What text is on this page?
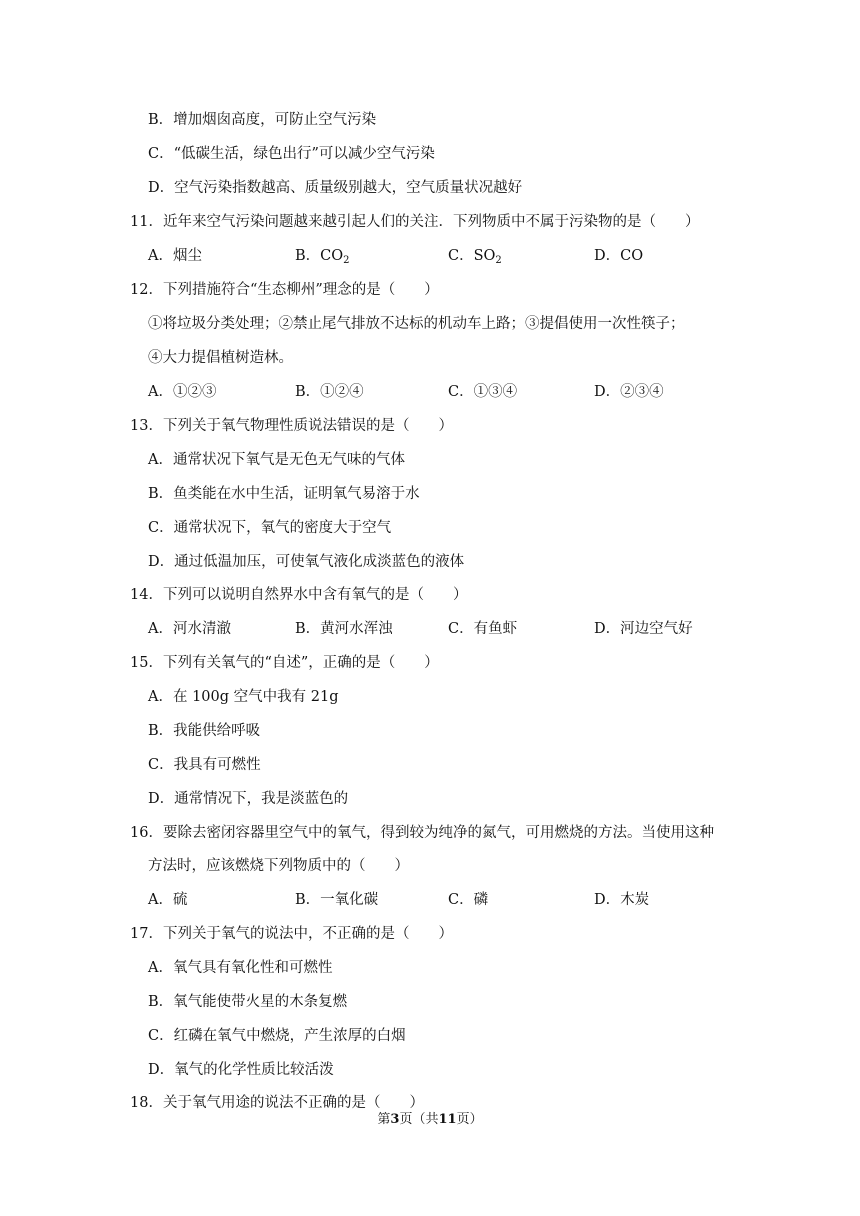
B．增加烟囱高度，可防止空气污染
C．“低碳生活，绿色出行”可以减少空气污染
D．空气污染指数越高、质量级别越大，空气质量状况越好
11．近年来空气污染问题越来越引起人们的关注．下列物质中不属于污染物的是（　　）
A．烟尘	B．$CO_2$	C．$SO_2$	D．CO
12．下列措施符合“生态柳州”理念的是（　　）
①将垃圾分类处理；②禁止尾气排放不达标的机动车上路；③提倡使用一次性筷子；
④大力提倡植树造林。
A．①②③	B．①②④	C．①③④	D．②③④
13．下列关于氧气物理性质说法错误的是（　　）
A．通常状况下氧气是无色无气味的气体
B．鱼类能在水中生活，证明氧气易溶于水
C．通常状况下，氧气的密度大于空气
D．通过低温加压，可使氧气液化成淡蓝色的液体
14．下列可以说明自然界水中含有氧气的是（　　）
A．河水清澈	B．黄河水浑浊	C．有鱼虾	D．河边空气好
15．下列有关氧气的“自述”，正确的是（　　）
A．在 100g 空气中我有 21g
B．我能供给呼吸
C．我具有可燃性
D．通常情况下，我是淡蓝色的
16．要除去密闭容器里空气中的氧气，得到较为纯净的氮气，可用燃烧的方法。当使用这种
方法时，应该燃烧下列物质中的（　　）
A．硫	B．一氧化碳	C．磷	D．木炭
17．下列关于氧气的说法中，不正确的是（　　）
A．氧气具有氧化性和可燃性
B．氧气能使带火星的木条复燃
C．红磷在氧气中燃烧，产生浓厚的白烟
D．氧气的化学性质比较活泼
18．关于氧气用途的说法不正确的是（　　）
第3页（共11页）
